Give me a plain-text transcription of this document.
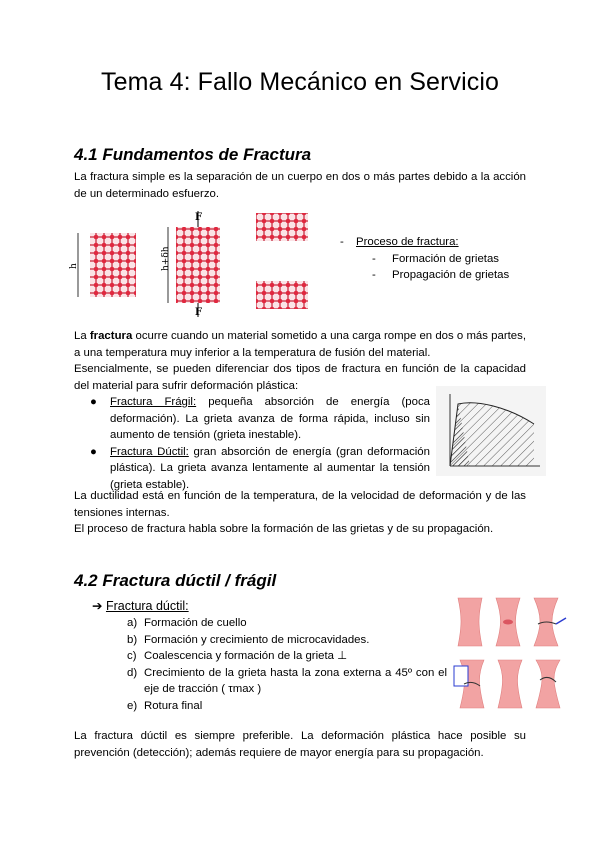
Tema 4: Fallo Mecánico en Servicio
4.1 Fundamentos de Fractura

La fractura simple es la separación de un cuerpo en dos o más partes debido a la acción de un determinado esfuerzo.

h	h+δh
F
F
- Proceso de fractura:
- Formación de grietas
- Propagación de grietas

La fractura ocurre cuando un material sometido a una carga rompe en dos o más partes, a una temperatura muy inferior a la temperatura de fusión del material.

Esencialmente, se pueden diferenciar dos tipos de fractura en función de la capacidad del material para sufrir deformación plástica:

● Fractura Frágil: pequeña absorción de energía (poca deformación). La grieta avanza de forma rápida, incluso sin aumento de tensión (grieta inestable).
● Fractura Dúctil: gran absorción de energía (gran deformación plástica). La grieta avanza lentamente al aumentar la tensión (grieta estable).

La ductilidad está en función de la temperatura, de la velocidad de deformación y de las tensiones internas.

El proceso de fractura habla sobre la formación de las grietas y de su propagación.

4.2 Fractura dúctil / frágil
➔ Fractura dúctil:
a) Formación de cuello
b) Formación y crecimiento de microcavidades.
c) Coalescencia y formación de la grieta ⊥
d) Crecimiento de la grieta hasta la zona externa a 45º con el eje de tracción ( τmax )
e) Rotura final

La fractura dúctil es siempre preferible. La deformación plástica hace posible su prevención (detección); además requiere de mayor energía para su propagación.
